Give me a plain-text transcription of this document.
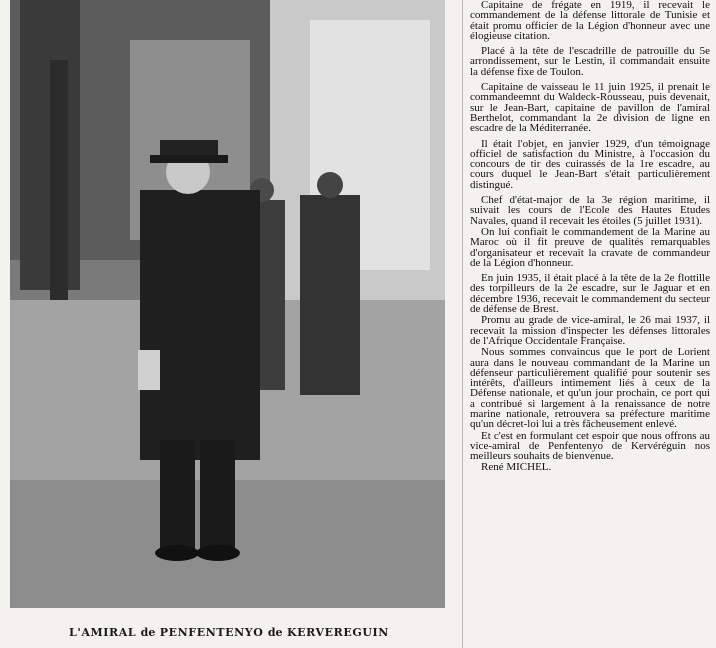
L'AMIRAL de PENFENTENYO de KERVEREGUIN

Capitaine de frégate en 1919, il recevait le commandement de la défense littorale de Tunisie et était promu officier de la Légion d'honneur avec une élogieuse citation.

Placé à la tête de l'escadrille de patrouille du 5e arrondissement, sur le Lestin, il commandait ensuite la défense fixe de Toulon.

Capitaine de vaisseau le 11 juin 1925, il prenait le commandeemnt du Waldeck-Rousseau, puis devenait, sur le Jean-Bart, capitaine de pavillon de l'amiral Berthelot, commandant la 2e division de ligne en escadre de la Méditerranée.

Il était l'objet, en janvier 1929, d'un témoignage officiel de satisfaction du Ministre, à l'occasion du concours de tir des cuirassés de la 1re escadre, au cours duquel le Jean-Bart s'était particulièrement distingué.

Chef d'état-major de la 3e région maritime, il suivait les cours de l'Ecole des Hautes Etudes Navales, quand il recevait les étoiles (5 juillet 1931).

On lui confiait le commandement de la Marine au Maroc où il fit preuve de qualités remarquables d'organisateur et recevait la cravate de commandeur de la Légion d'honneur.

En juin 1935, il était placé à la tête de la 2e flottille des torpilleurs de la 2e escadre, sur le Jaguar et en décembre 1936, recevait le commandement du secteur de défense de Brest.

Promu au grade de vice-amiral, le 26 mai 1937, il recevait la mission d'inspecter les défenses littorales de l'Afrique Occidentale Française.

Nous sommes convaincus que le port de Lorient aura dans le nouveau commandant de la Marine un défenseur particulièrement qualifié pour soutenir ses intérêts, d'ailleurs intimement liés à ceux de la Défense nationale, et qu'un jour prochain, ce port qui a contribué si largement à la renaissance de notre marine nationale, retrouvera sa préfecture maritime qu'un décret-loi lui a très fâcheusement enlevé.

Et c'est en formulant cet espoir que nous offrons au vice-amiral de Penfentenyo de Kervéréguin nos meilleurs souhaits de bienvenue.

René MICHEL.
